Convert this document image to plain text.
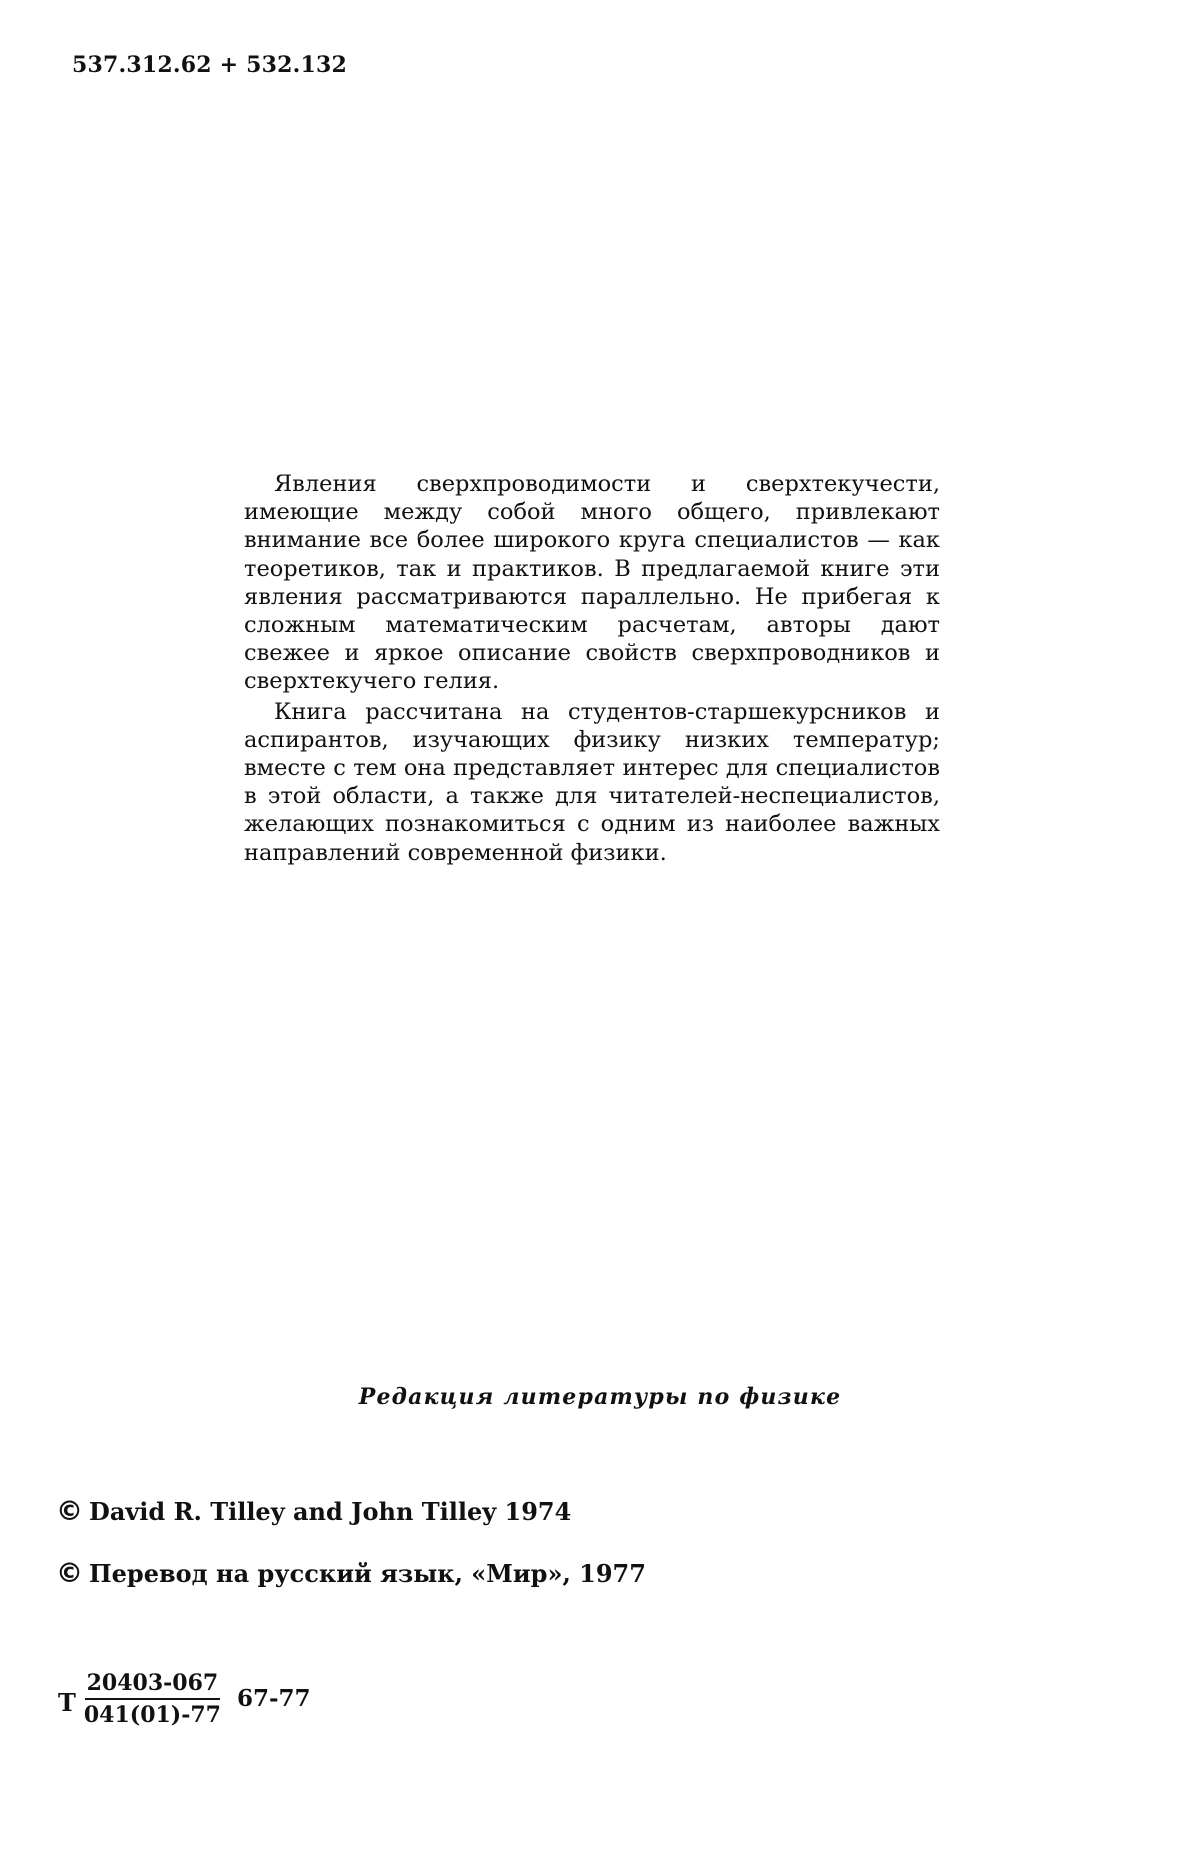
537.312.62 + 532.132

Явления сверхпроводимости и сверхтекучести, имеющие между собой много общего, привлекают внимание все более широкого круга специалистов — как теоретиков, так и практиков. В предлагаемой книге эти явления рассматриваются параллельно. Не прибегая к сложным математическим расчетам, авторы дают свежее и яркое описание свойств сверхпроводников и сверхтекучего гелия.

Книга рассчитана на студентов-старшекурсников и аспирантов, изучающих физику низких температур; вместе с тем она представляет интерес для специалистов в этой области, а также для читателей-неспециалистов, желающих познакомиться с одним из наиболее важных направлений современной физики.

Редакция литературы по физике
© David R. Tilley and John Tilley 1974
© Перевод на русский язык, «Мир», 1977
Т $\frac{20403-067}{041(01)-77} 67-77$
